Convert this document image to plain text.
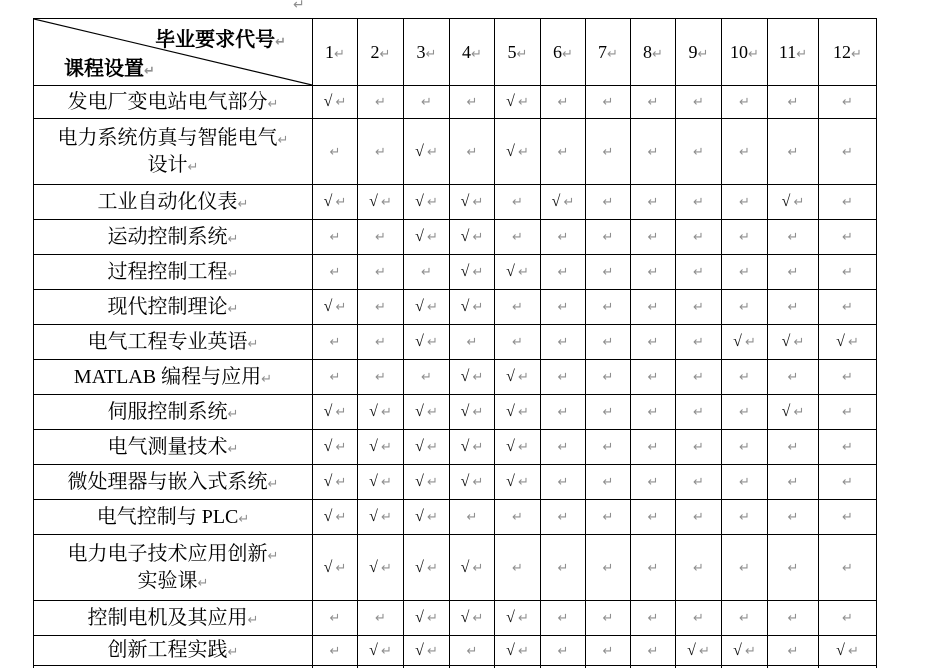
↵
毕业要求代号↵
课程设置↵	1↵	2↵	3↵	4↵	5↵	6↵	7↵	8↵	9↵	10↵	11↵	12↵
发电厂变电站电气部分↵	√ ↵	↵	↵	↵	√ ↵	↵	↵	↵	↵	↵	↵	↵
电力系统仿真与智能电气↵
设计↵	↵	↵	√ ↵	↵	√ ↵	↵	↵	↵	↵	↵	↵	↵
工业自动化仪表↵	√ ↵	√ ↵	√ ↵	√ ↵	↵	√ ↵	↵	↵	↵	↵	√ ↵	↵
运动控制系统↵	↵	↵	√ ↵	√ ↵	↵	↵	↵	↵	↵	↵	↵	↵
过程控制工程↵	↵	↵	↵	√ ↵	√ ↵	↵	↵	↵	↵	↵	↵	↵
现代控制理论↵	√ ↵	↵	√ ↵	√ ↵	↵	↵	↵	↵	↵	↵	↵	↵
电气工程专业英语↵	↵	↵	√ ↵	↵	↵	↵	↵	↵	↵	√ ↵	√ ↵	√ ↵
MATLAB 编程与应用↵	↵	↵	↵	√ ↵	√ ↵	↵	↵	↵	↵	↵	↵	↵
伺服控制系统↵	√ ↵	√ ↵	√ ↵	√ ↵	√ ↵	↵	↵	↵	↵	↵	√ ↵	↵
电气测量技术↵	√ ↵	√ ↵	√ ↵	√ ↵	√ ↵	↵	↵	↵	↵	↵	↵	↵
微处理器与嵌入式系统↵	√ ↵	√ ↵	√ ↵	√ ↵	√ ↵	↵	↵	↵	↵	↵	↵	↵
电气控制与 PLC↵	√ ↵	√ ↵	√ ↵	↵	↵	↵	↵	↵	↵	↵	↵	↵
电力电子技术应用创新↵
实验课↵	√ ↵	√ ↵	√ ↵	√ ↵	↵	↵	↵	↵	↵	↵	↵	↵
控制电机及其应用↵	↵	↵	√ ↵	√ ↵	√ ↵	↵	↵	↵	↵	↵	↵	↵
创新工程实践↵	↵	√ ↵	√ ↵	↵	√ ↵	↵	↵	↵	√ ↵	√ ↵	↵	√ ↵
